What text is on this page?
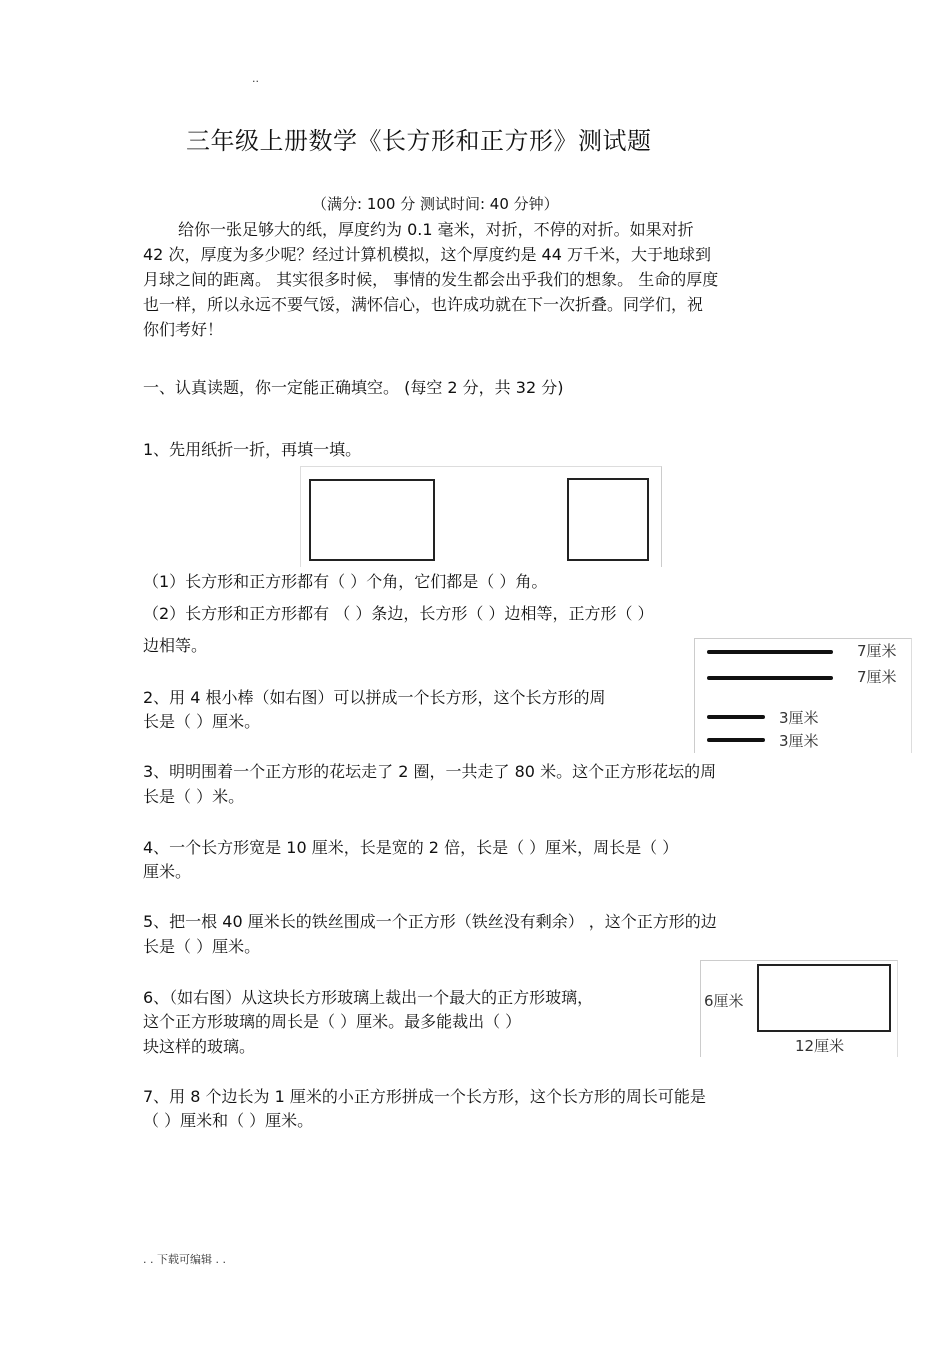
..
三年级上册数学《长方形和正方形》测试题
（满分: 100 分 测试时间: 40 分钟）
给你一张足够大的纸，厚度约为 0.1 毫米，对折，不停的对折。如果对折
42 次，厚度为多少呢？经过计算机模拟，这个厚度约是 44 万千米，大于地球到
月球之间的距离。 其实很多时候， 事情的发生都会出乎我们的想象。 生命的厚度
也一样，所以永远不要气馁，满怀信心，也许成功就在下一次折叠。同学们，祝
你们考好！
一、认真读题，你一定能正确填空。 (每空 2 分，共 32 分)
1、先用纸折一折，再填一填。
（1）长方形和正方形都有（ ）个角，它们都是（ ）角。
（2）长方形和正方形都有 （ ）条边，长方形（ ）边相等，正方形（ ）
边相等。	7厘米
7厘米
3厘米
3厘米
2、用 4 根小棒（如右图）可以拼成一个长方形，这个长方形的周
长是（ ）厘米。
3、明明围着一个正方形的花坛走了 2 圈，一共走了 80 米。这个正方形花坛的周
长是（ ）米。
4、一个长方形宽是 10 厘米，长是宽的 2 倍，长是（ ）厘米，周长是（ ）
厘米。
5、把一根 40 厘米长的铁丝围成一个正方形（铁丝没有剩余） ，这个正方形的边
长是（ ）厘米。
6厘米
12厘米
6、（如右图）从这块长方形玻璃上裁出一个最大的正方形玻璃，
这个正方形玻璃的周长是（ ）厘米。最多能裁出（ ）
块这样的玻璃。
7、用 8 个边长为 1 厘米的小正方形拼成一个长方形，这个长方形的周长可能是
（ ）厘米和（ ）厘米。
. . 下载可编辑 . .
